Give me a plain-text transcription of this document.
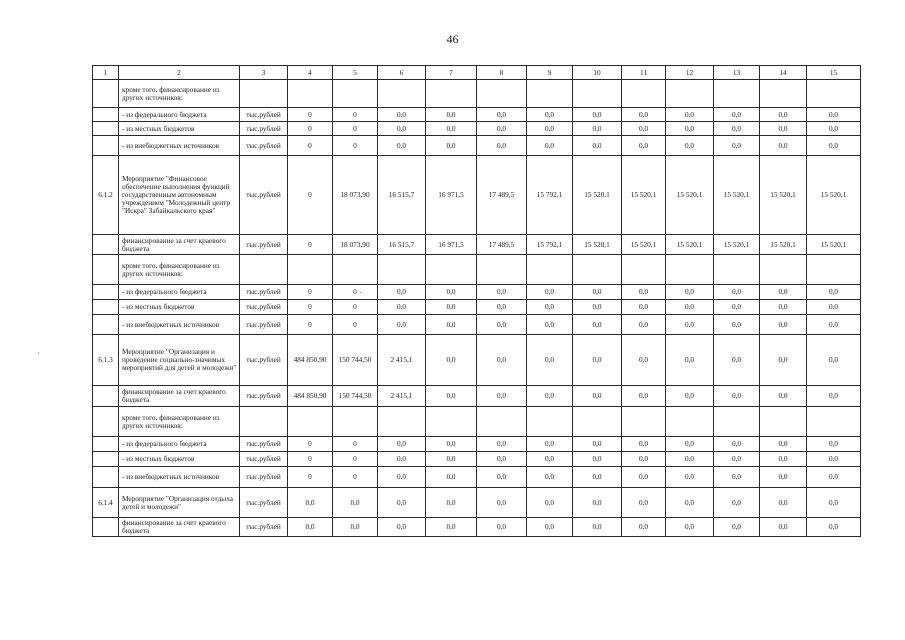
46
1	2	3	4	5	6	7	8	9	10	11	12	13	14	15
	кроме того, финансирование из других источников:													
	- из федерального бюджета	тыс.рублей	0	0	0,0	0,0	0,0	0,0	0,0	0,0	0,0	0,0	0,0	0,0
	- из местных бюджетов	тыс.рублей	0	0	0,0	0,0	0,0	0,0	0,0	0,0	0,0	0,0	0,0	0,0
	- из внебюджетных источников	тыс.рублей	0	0	0,0	0,0	0,0	0,0	0,0	0,0	0,0	0,0	0,0	0,0
6.1.2	Мероприятие "Финансовое обеспечение выполнения функций государственным автономным учреждением "Молодежный центр "Искра" Забайкальского края"	тыс.рублей	0	18 073,90	16 515,7	16 971,5	17 489,5	15 792,1	15 520,1	15 520,1	15 520,1	15 520,1	15 520,1	15 520,1
	финансирование за счет краевого бюджета	тыс.рублей	0	18 073,90	16 515,7	16 971,5	17 489,5	15 792,1	15 520,1	15 520,1	15 520,1	15 520,1	15 520,1	15 520,1
	кроме того, финансирование из других источников:													
	- из федерального бюджета	тыс.рублей	0	0	0,0	0,0	0,0	0,0	0,0	0,0	0,0	0,0	0,0	0,0
	- из местных бюджетов	тыс.рублей	0	0	0,0	0,0	0,0	0,0	0,0	0,0	0,0	0,0	0,0	0,0
	- из внебюджетных источников	тыс.рублей	0	0	0,0	0,0	0,0	0,0	0,0	0,0	0,0	0,0	0,0	0,0
6.1.3	Мероприятие "Организация и проведение социально-значимых мероприятий для детей и молодежи"	тыс.рублей	484 850,90	150 744,50	2 415,1	0,0	0,0	0,0	0,0	0,0	0,0	0,0	0,0	0,0
	финансирование за счет краевого бюджета	тыс.рублей	484 850,90	150 744,50	2 415,1	0,0	0,0	0,0	0,0	0,0	0,0	0,0	0,0	0,0
	кроме того, финансирование из других источников:													
	- из федерального бюджета	тыс.рублей	0	0	0,0	0,0	0,0	0,0	0,0	0,0	0,0	0,0	0,0	0,0
	- из местных бюджетов	тыс.рублей	0	0	0,0	0,0	0,0	0,0	0,0	0,0	0,0	0,0	0,0	0,0
	- из внебюджетных источников	тыс.рублей	0	0	0,0	0,0	0,0	0,0	0,0	0,0	0,0	0,0	0,0	0,0
6.1.4	Мероприятие "Организация отдыха детей и молодежи"	тыс.рублей	0,0	0,0	0,0	0,0	0,0	0,0	0,0	0,0	0,0	0,0	0,0	0,0
	финансирование за счет краевого бюджета	тыс.рублей	0,0	0,0	0,0	0,0	0,0	0,0	0,0	0,0	0,0	0,0	0,0	0,0
